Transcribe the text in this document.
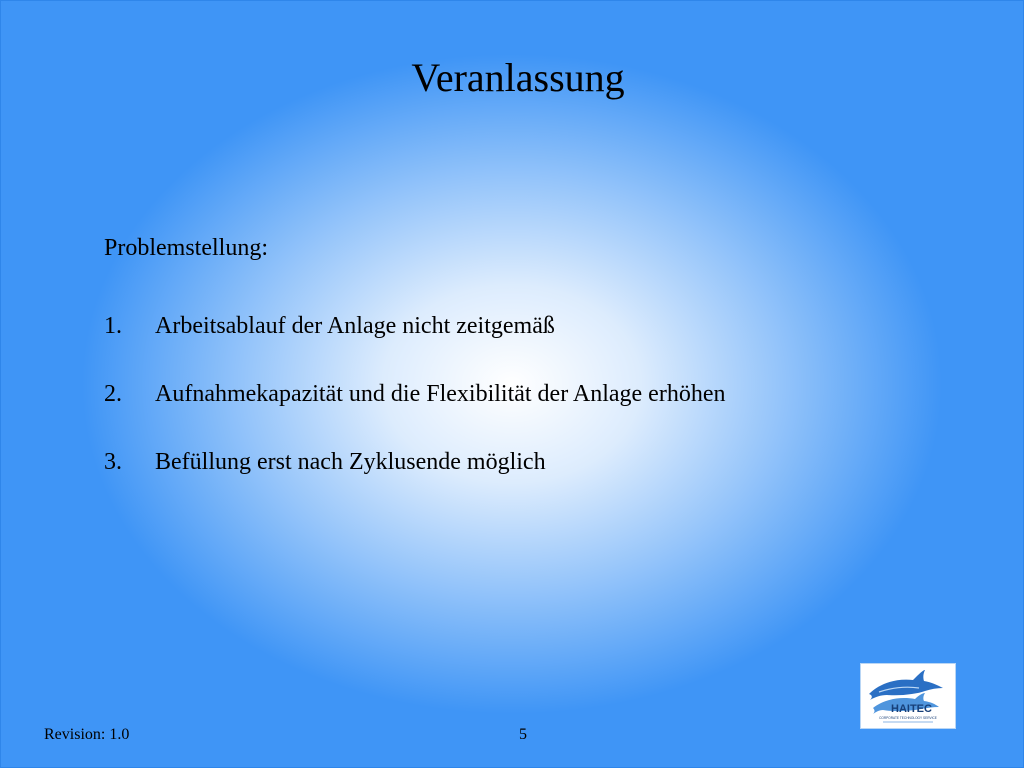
Veranlassung
Problemstellung:
1. Arbeitsablauf der Anlage nicht zeitgemäß
2. Aufnahmekapazität und die Flexibilität der Anlage erhöhen
3. Befüllung erst nach Zyklusende möglich
Revision: 1.0	5
HAITEC
CORPORATE TECHNOLOGY SERVICE
